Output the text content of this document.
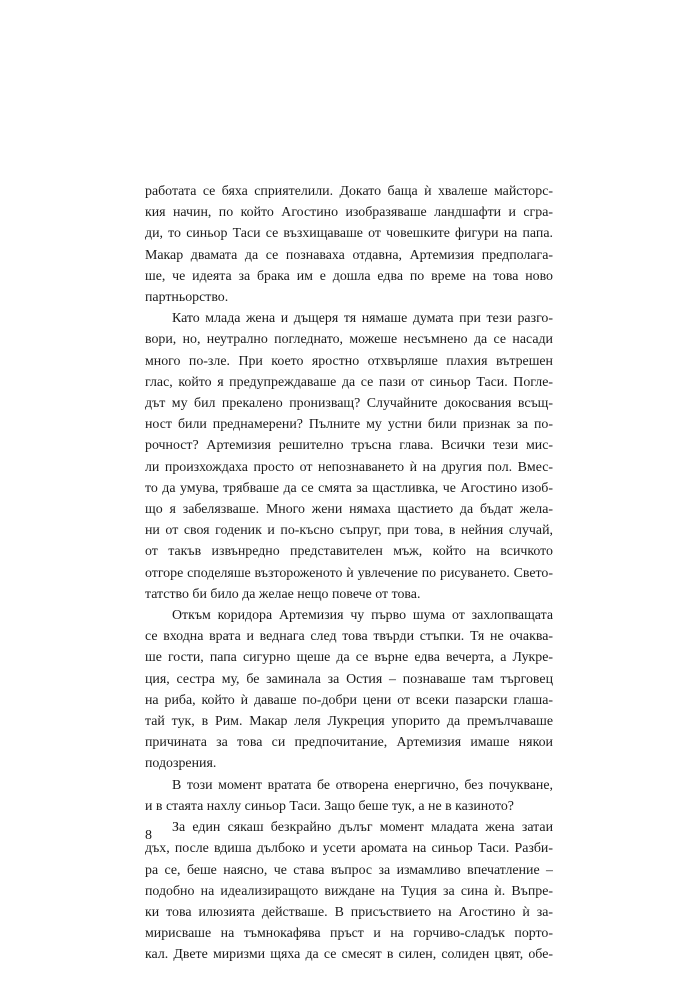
работата се бяха сприятелили. Докато баща ѝ хвалеше майсторс-
кия начин, по който Агостино изобразяваше ландшафти и сгра-
ди, то синьор Таси се възхищаваше от човешките фигури на папа.
Макар двамата да се познаваха отдавна, Артемизия предполага-
ше, че идеята за брака им е дошла едва по време на това ново
партньорство.

Като млада жена и дъщеря тя нямаше думата при тези разго-
вори, но, неутрално погледнато, можеше несъмнено да се насади
много по-зле. При което яростно отхвърляше плахия вътрешен
глас, който я предупреждаваше да се пази от синьор Таси. Погле-
дът му бил прекалено пронизващ? Случайните докосвания всъщ-
ност били преднамерени? Пълните му устни били признак за по-
рочност? Артемизия решително тръсна глава. Всички тези мис-
ли произхождаха просто от непознаването ѝ на другия пол. Вмес-
то да умува, трябваше да се смята за щастливка, че Агостино изоб-
що я забелязваше. Много жени нямаха щастието да бъдат жела-
ни от своя годеник и по-късно съпруг, при това, в нейния случай,
от такъв извънредно представителен мъж, който на всичкото
отгоре споделяше възтороженото ѝ увлечение по рисуването. Свето-
татство би било да желае нещо повече от това.

Откъм коридора Артемизия чу първо шума от захлопващата
се входна врата и веднага след това твърди стъпки. Тя не очаква-
ше гости, папа сигурно щеше да се върне едва вечерта, а Лукре-
ция, сестра му, бе заминала за Остия – познаваше там търговец
на риба, който ѝ даваше по-добри цени от всеки пазарски глаша-
тай тук, в Рим. Макар леля Лукреция упорито да премълчаваше
причината за това си предпочитание, Артемизия имаше някои
подозрения.

В този момент вратата бе отворена енергично, без почукване,
и в стаята нахлу синьор Таси. Защо беше тук, а не в казиното?

За един сякаш безкрайно дълъг момент младата жена затаи
дъх, после вдиша дълбоко и усети аромата на синьор Таси. Разби-
ра се, беше наясно, че става въпрос за измамливо впечатление –
подобно на идеализиращото виждане на Туция за сина ѝ. Въпре-
ки това илюзията действаше. В присъствието на Агостино ѝ за-
мирисваше на тъмнокафява пръст и на горчиво-сладък порто-
кал. Двете миризми щяха да се смесят в силен, солиден цвят, обе-

8
